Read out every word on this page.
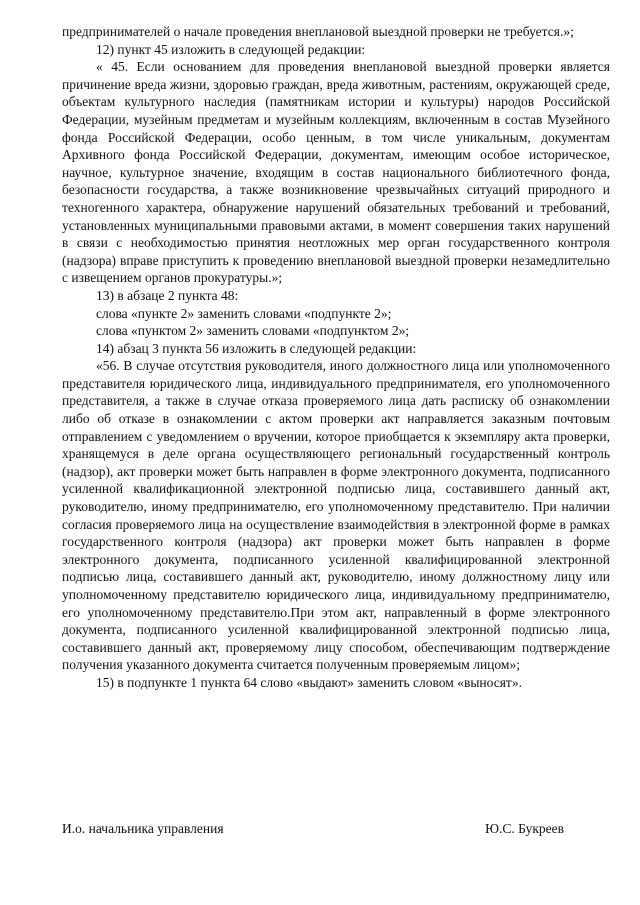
предпринимателей о начале проведения внеплановой выездной проверки не требуется.»;

12) пункт 45 изложить в следующей редакции:

« 45. Если основанием для проведения внеплановой выездной проверки является причинение вреда жизни, здоровью граждан, вреда животным, растениям, окружающей среде, объектам культурного наследия (памятникам истории и культуры) народов Российской Федерации, музейным предметам и музейным коллекциям, включенным в состав Музейного фонда Российской Федерации, особо ценным, в том числе уникальным, документам Архивного фонда Российской Федерации, документам, имеющим особое историческое, научное, культурное значение, входящим в состав национального библиотечного фонда, безопасности государства, а также возникновение чрезвычайных ситуаций природного и техногенного характера, обнаружение нарушений обязательных требований и требований, установленных муниципальными правовыми актами, в момент совершения таких нарушений в связи с необходимостью принятия неотложных мер орган государственного контроля (надзора) вправе приступить к проведению внеплановой выездной проверки незамедлительно с извещением органов прокуратуры.»;

13) в абзаце 2 пункта 48:

слова «пункте 2» заменить словами «подпункте 2»;

слова «пунктом 2» заменить словами «подпунктом 2»;

14) абзац 3 пункта 56 изложить в следующей редакции:

«56. В случае отсутствия руководителя, иного должностного лица или уполномоченного представителя юридического лица, индивидуального предпринимателя, его уполномоченного представителя, а также в случае отказа проверяемого лица дать расписку об ознакомлении либо об отказе в ознакомлении с актом проверки акт направляется заказным почтовым отправлением с уведомлением о вручении, которое приобщается к экземпляру акта проверки, хранящемуся в деле органа осуществляющего региональный государственный контроль (надзор), акт проверки может быть направлен в форме электронного документа, подписанного усиленной квалификационной электронной подписью лица, составившего данный акт, руководителю, иному предпринимателю, его уполномоченному представителю. При наличии согласия проверяемого лица на осуществление взаимодействия в электронной форме в рамках государственного контроля (надзора) акт проверки может быть направлен в форме электронного документа, подписанного усиленной квалифицированной электронной подписью лица, составившего данный акт, руководителю, иному должностному лицу или уполномоченному представителю юридического лица, индивидуальному предпринимателю, его уполномоченному представителю.При этом акт, направленный в форме электронного документа, подписанного усиленной квалифицированной электронной подписью лица, составившего данный акт, проверяемому лицу способом, обеспечивающим подтверждение получения указанного документа считается полученным проверяемым лицом»;

15) в подпункте 1 пункта 64 слово «выдают» заменить словом «выносят».

И.о. начальника управления	Ю.С. Букреев
